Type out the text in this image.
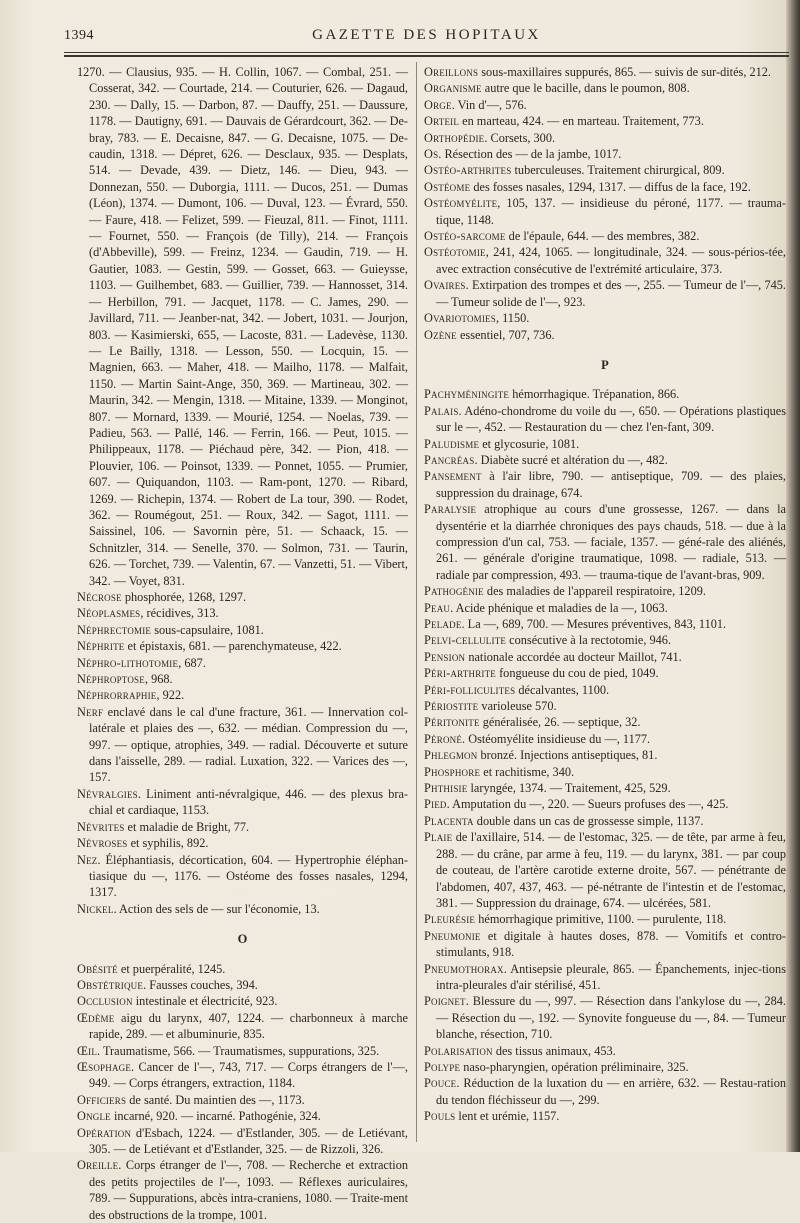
1394	GAZETTE DES HOPITAUX

1270. — Clausius, 935. — H. Collin, 1067. — Combal, 251. — Cosserat, 342. — Courtade, 214. — Couturier, 626. — Dagaud, 230. — Dally, 15. — Darbon, 87. — Dauffy, 251. — Daussure, 1178. — Dautigny, 691. — Dauvais de Gérardcourt, 362. — De-bray, 783. — E. Decaisne, 847. — G. Decaisne, 1075. — De-caudin, 1318. — Dépret, 626. — Desclaux, 935. — Desplats, 514. — Devade, 439. — Dietz, 146. — Dieu, 943. — Donnezan, 550. — Duborgia, 1111. — Ducos, 251. — Dumas (Léon), 1374. — Dumont, 106. — Duval, 123. — Évrard, 550. — Faure, 418. — Felizet, 599. — Fieuzal, 811. — Finot, 1111. — Fournet, 550. — François (de Tilly), 214. — François (d'Abbeville), 599. — Freinz, 1234. — Gaudin, 719. — H. Gautier, 1083. — Gestin, 599. — Gosset, 663. — Guieysse, 1103. — Guilhembet, 683. — Guillier, 739. — Hannosset, 314. — Herbillon, 791. — Jacquet, 1178. — C. James, 290. — Javillard, 711. — Jeanber-nat, 342. — Jobert, 1031. — Jourjon, 803. — Kasimierski, 655, — Lacoste, 831. — Ladevèse, 1130. — Le Bailly, 1318. — Lesson, 550. — Locquin, 15. — Magnien, 663. — Maher, 418. — Mailho, 1178. — Malfait, 1150. — Martin Saint-Ange, 350, 369. — Martineau, 302. — Maurin, 342. — Mengin, 1318. — Mitaine, 1339. — Monginot, 807. — Mornard, 1339. — Mourié, 1254. — Noelas, 739. — Padieu, 563. — Pallé, 146. — Ferrin, 166. — Peut, 1015. — Philippeaux, 1178. — Piéchaud père, 342. — Pion, 418. — Plouvier, 106. — Poinsot, 1339. — Ponnet, 1055. — Prumier, 607. — Quiquandon, 1103. — Ram-pont, 1270. — Ribard, 1269. — Richepin, 1374. — Robert de La tour, 390. — Rodet, 362. — Roumégout, 251. — Roux, 342. — Sagot, 1111. — Saissinel, 106. — Savornin père, 51. — Schaack, 15. — Schnitzler, 314. — Senelle, 370. — Solmon, 731. — Taurin, 626. — Torchet, 739. — Valentin, 67. — Vanzetti, 51. — Vibert, 342. — Voyet, 831.

Nécrose phosphorée, 1268, 1297.

Néoplasmes, récidives, 313.

Néphrectomie sous-capsulaire, 1081.

Néphrite et épistaxis, 681. — parenchymateuse, 422.

Néphro-lithotomie, 687.

Néphroptose, 968.

Néphrorraphie, 922.

Nerf enclavé dans le cal d'une fracture, 361. — Innervation col-latérale et plaies des —, 632. — médian. Compression du —, 997. — optique, atrophies, 349. — radial. Découverte et suture dans l'aisselle, 289. — radial. Luxation, 322. — Varices des —, 157.

Névralgies. Liniment anti-névralgique, 446. — des plexus bra-chial et cardiaque, 1153.

Névrites et maladie de Bright, 77.

Névroses et syphilis, 892.

Nez. Éléphantiasis, décortication, 604. — Hypertrophie éléphan-tiasique du —, 1176. — Ostéome des fosses nasales, 1294, 1317.

Nickel. Action des sels de — sur l'économie, 13.

O

Obésité et puerpéralité, 1245.

Obstétrique. Fausses couches, 394.

Occlusion intestinale et électricité, 923.

Œdème aigu du larynx, 407, 1224. — charbonneux à marche rapide, 289. — et albuminurie, 835.

Œil. Traumatisme, 566. — Traumatismes, suppurations, 325.

Œsophage. Cancer de l'—, 743, 717. — Corps étrangers de l'—, 949. — Corps étrangers, extraction, 1184.

Officiers de santé. Du maintien des —, 1173.

Ongle incarné, 920. — incarné. Pathogénie, 324.

Opération d'Esbach, 1224. — d'Estlander, 305. — de Letiévant, 305. — de Letiévant et d'Estlander, 325. — de Rizzoli, 326.

Oreille. Corps étranger de l'—, 708. — Recherche et extraction des petits projectiles de l'—, 1093. — Réflexes auriculaires, 789. — Suppurations, abcès intra-craniens, 1080. — Traite-ment des obstructions de la trompe, 1001.

Oreillons sous-maxillaires suppurés, 865. — suivis de sur-dités, 212.

Organisme autre que le bacille, dans le poumon, 808.

Orge. Vin d'—, 576.

Orteil en marteau, 424. — en marteau. Traitement, 773.

Orthopédie. Corsets, 300.

Os. Résection des — de la jambe, 1017.

Ostéo-arthrites tuberculeuses. Traitement chirurgical, 809.

Ostéome des fosses nasales, 1294, 1317. — diffus de la face, 192.

Ostéomyélite, 105, 137. — insidieuse du péroné, 1177. — trauma-tique, 1148.

Ostéo-sarcome de l'épaule, 644. — des membres, 382.

Ostéotomie, 241, 424, 1065. — longitudinale, 324. — sous-périos-tée, avec extraction consécutive de l'extrémité articulaire, 373.

Ovaires. Extirpation des trompes et des —, 255. — Tumeur de l'—, 745. — Tumeur solide de l'—, 923.

Ovariotomies, 1150.

Ozène essentiel, 707, 736.

P

Pachyméningite hémorrhagique. Trépanation, 866.

Palais. Adéno-chondrome du voile du —, 650. — Opérations plastiques sur le —, 452. — Restauration du — chez l'en-fant, 309.

Paludisme et glycosurie, 1081.

Pancréas. Diabète sucré et altération du —, 482.

Pansement à l'air libre, 790. — antiseptique, 709. — des plaies, suppression du drainage, 674.

Paralysie atrophique au cours d'une grossesse, 1267. — dans la dysentérie et la diarrhée chroniques des pays chauds, 518. — due à la compression d'un cal, 753. — faciale, 1357. — géné-rale des aliénés, 261. — générale d'origine traumatique, 1098. — radiale, 513. — radiale par compression, 493. — trauma-tique de l'avant-bras, 909.

Pathogénie des maladies de l'appareil respiratoire, 1209.

Peau. Acide phénique et maladies de la —, 1063.

Pelade. La —, 689, 700. — Mesures préventives, 843, 1101.

Pelvi-cellulite consécutive à la rectotomie, 946.

Pension nationale accordée au docteur Maillot, 741.

Péri-arthrite fongueuse du cou de pied, 1049.

Péri-folliculites décalvantes, 1100.

Périostite varioleuse 570.

Péritonite généralisée, 26. — septique, 32.

Péroné. Ostéomyélite insidieuse du —, 1177.

Phlegmon bronzé. Injections antiseptiques, 81.

Phosphore et rachitisme, 340.

Phthisie laryngée, 1374. — Traitement, 425, 529.

Pied. Amputation du —, 220. — Sueurs profuses des —, 425.

Placenta double dans un cas de grossesse simple, 1137.

Plaie de l'axillaire, 514. — de l'estomac, 325. — de tête, par arme à feu, 288. — du crâne, par arme à feu, 119. — du larynx, 381. — par coup de couteau, de l'artère carotide externe droite, 567. — pénétrante de l'abdomen, 407, 437, 463. — pé-nétrante de l'intestin et de l'estomac, 381. — Suppression du drainage, 674. — ulcérées, 581.

Pleurésie hémorrhagique primitive, 1100. — purulente, 118.

Pneumonie et digitale à hautes doses, 878. — Vomitifs et contro-stimulants, 918.

Pneumothorax. Antisepsie pleurale, 865. — Épanchements, injec-tions intra-pleurales d'air stérilisé, 451.

Poignet. Blessure du —, 997. — Résection dans l'ankylose du —, 284. — Résection du —, 192. — Synovite fongueuse du —, 84. — Tumeur blanche, résection, 710.

Polarisation des tissus animaux, 453.

Polype naso-pharyngien, opération préliminaire, 325.

Pouce. Réduction de la luxation du — en arrière, 632. — Restau-ration du tendon fléchisseur du —, 299.

Pouls lent et urémie, 1157.
